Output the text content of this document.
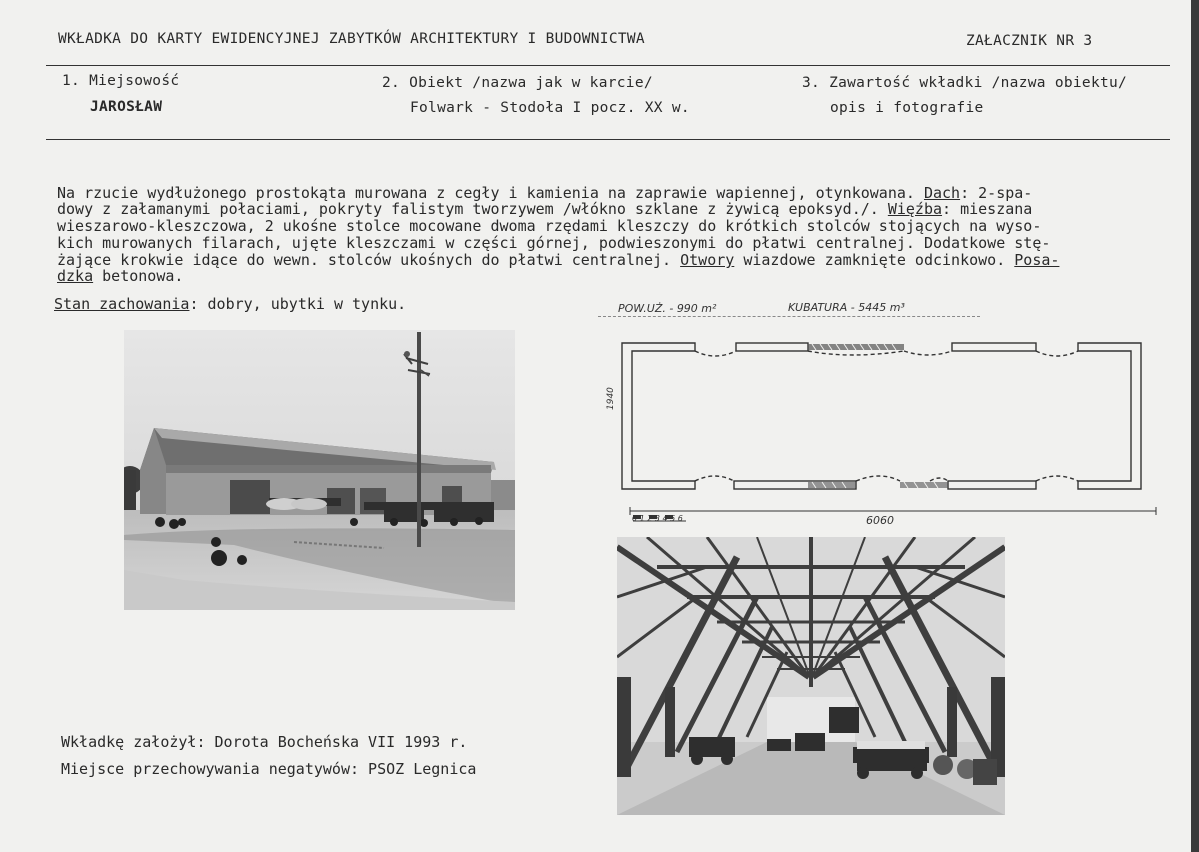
WKŁADKA DO KARTY EWIDENCYJNEJ ZABYTKÓW ARCHITEKTURY I BUDOWNICTWA	ZAŁACZNIK NR 3
1. Miejsowość
JAROSŁAW
2. Obiekt /nazwa jak w karcie/
Folwark - Stodoła I pocz. XX w.
3. Zawartość wkładki /nazwa obiektu/
opis i fotografie
Na rzucie wydłużonego prostokąta murowana z cegły i kamienia na zaprawie wapiennej, otynkowana. Dach: 2-spa-
dowy z załamanymi połaciami, pokryty falistym tworzywem /włókno szklane z żywicą epoksyd./. Więźba: mieszana
wieszarowo-kleszczowa, 2 ukośne stolce mocowane dwoma rzędami kleszczy do krótkich stolców stojących na wyso-
kich murowanych filarach, ujęte kleszczami w części górnej, podwieszonymi do płatwi centralnej. Dodatkowe stę-
żające krokwie idące do wewn. stolców ukośnych do płatwi centralnej. Otwory wiazdowe zamknięte odcinkowo. Posa-
dzka betonowa.
Stan zachowania: dobry, ubytki w tynku.	POW.UŻ. - 990 m²	KUBATURA - 5445 m³
1940
6060
0 1 2 3 4 5 6
Wkładkę założył: Dorota Bocheńska VII 1993 r.
Miejsce przechowywania negatywów: PSOZ Legnica
